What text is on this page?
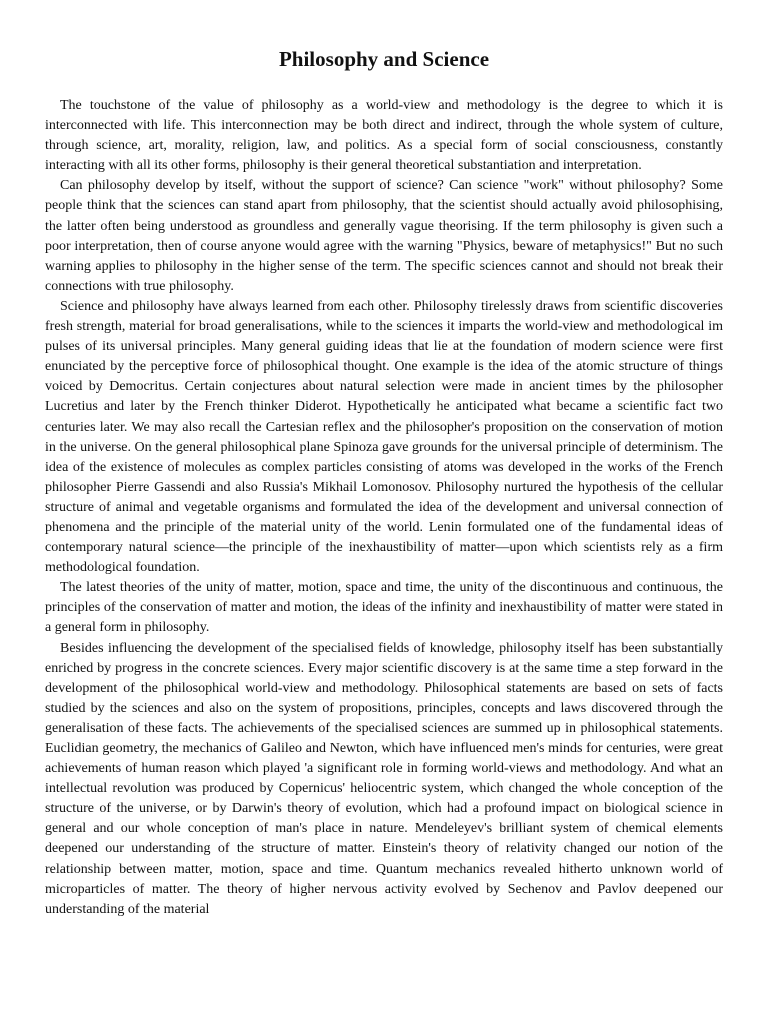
Philosophy and Science

The touchstone of the value of philosophy as a world-view and methodology is the degree to which it is interconnected with life. This interconnection may be both direct and indirect, through the whole system of culture, through science, art, morality, religion, law, and politics. As a special form of social consciousness, constantly interacting with all its other forms, philosophy is their general theoretical substantiation and interpretation.

Can philosophy develop by itself, without the support of science? Can science "work" without philosophy? Some people think that the sciences can stand apart from philosophy, that the scientist should actually avoid philosophising, the latter often being understood as groundless and generally vague theorising. If the term philosophy is given such a poor interpretation, then of course anyone would agree with the warning "Physics, beware of metaphysics!" But no such warning applies to philosophy in the higher sense of the term. The specific sciences cannot and should not break their connections with true philosophy.

Science and philosophy have always learned from each other. Philosophy tirelessly draws from scientific discoveries fresh strength, material for broad generalisations, while to the sciences it imparts the world-view and methodological im pulses of its universal principles. Many general guiding ideas that lie at the foundation of modern science were first enunciated by the perceptive force of philosophical thought. One example is the idea of the atomic structure of things voiced by Democritus. Certain conjectures about natural selection were made in ancient times by the philosopher Lucretius and later by the French thinker Diderot. Hypothetically he anticipated what became a scientific fact two centuries later. We may also recall the Cartesian reflex and the philosopher's proposition on the conservation of motion in the universe. On the general philosophical plane Spinoza gave grounds for the universal principle of determinism. The idea of the existence of molecules as complex particles consisting of atoms was developed in the works of the French philosopher Pierre Gassendi and also Russia's Mikhail Lomonosov. Philosophy nurtured the hypothesis of the cellular structure of animal and vegetable organisms and formulated the idea of the development and universal connection of phenomena and the principle of the material unity of the world. Lenin formulated one of the fundamental ideas of contemporary natural science—the principle of the inexhaustibility of matter—upon which scientists rely as a firm methodological foundation.

The latest theories of the unity of matter, motion, space and time, the unity of the discontinuous and continuous, the principles of the conservation of matter and motion, the ideas of the infinity and inexhaustibility of matter were stated in a general form in philosophy.

Besides influencing the development of the specialised fields of knowledge, philosophy itself has been substantially enriched by progress in the concrete sciences. Every major scientific discovery is at the same time a step forward in the development of the philosophical world-view and methodology. Philosophical statements are based on sets of facts studied by the sciences and also on the system of propositions, principles, concepts and laws discovered through the generalisation of these facts. The achievements of the specialised sciences are summed up in philosophical statements. Euclidian geometry, the mechanics of Galileo and Newton, which have influenced men's minds for centuries, were great achievements of human reason which played 'a significant role in forming world-views and methodology. And what an intellectual revolution was produced by Copernicus' heliocentric system, which changed the whole conception of the structure of the universe, or by Darwin's theory of evolution, which had a profound impact on biological science in general and our whole conception of man's place in nature. Mendeleyev's brilliant system of chemical elements deepened our understanding of the structure of matter. Einstein's theory of relativity changed our notion of the relationship between matter, motion, space and time. Quantum mechanics revealed hitherto unknown world of microparticles of matter. The theory of higher nervous activity evolved by Sechenov and Pavlov deepened our understanding of the material
